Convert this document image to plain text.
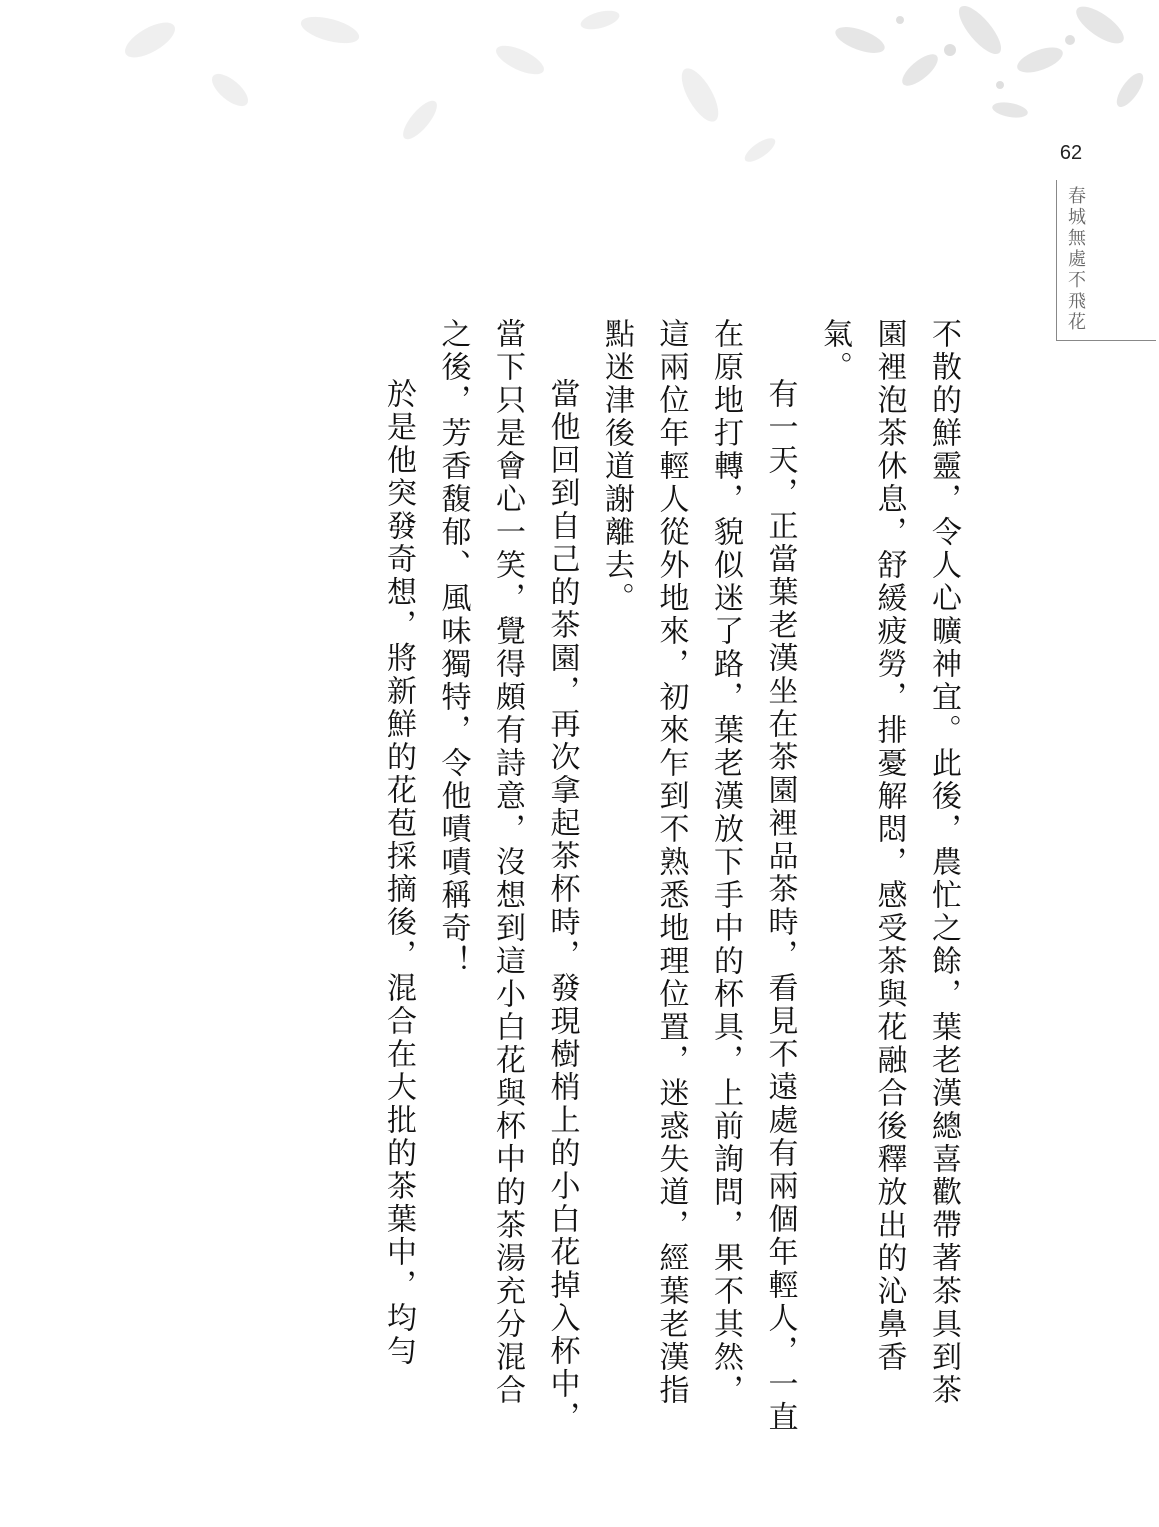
62
春城無處不飛花

不散的鮮靈，令人心曠神宜。此後，農忙之餘，葉老漢總喜歡帶著茶具到茶園裡泡茶休息，舒緩疲勞，排憂解悶，感受茶與花融合後釋放出的沁鼻香氣。

有一天，正當葉老漢坐在茶園裡品茶時，看見不遠處有兩個年輕人，一直在原地打轉，貌似迷了路，葉老漢放下手中的杯具，上前詢問，果不其然，這兩位年輕人從外地來，初來乍到不熟悉地理位置，迷惑失道，經葉老漢指點迷津後道謝離去。

當他回到自己的茶園，再次拿起茶杯時，發現樹梢上的小白花掉入杯中，當下只是會心一笑，覺得頗有詩意，沒想到這小白花與杯中的茶湯充分混合之後，芳香馥郁、風味獨特，令他嘖嘖稱奇！

於是他突發奇想，將新鮮的花苞採摘後，混合在大批的茶葉中，均勻
